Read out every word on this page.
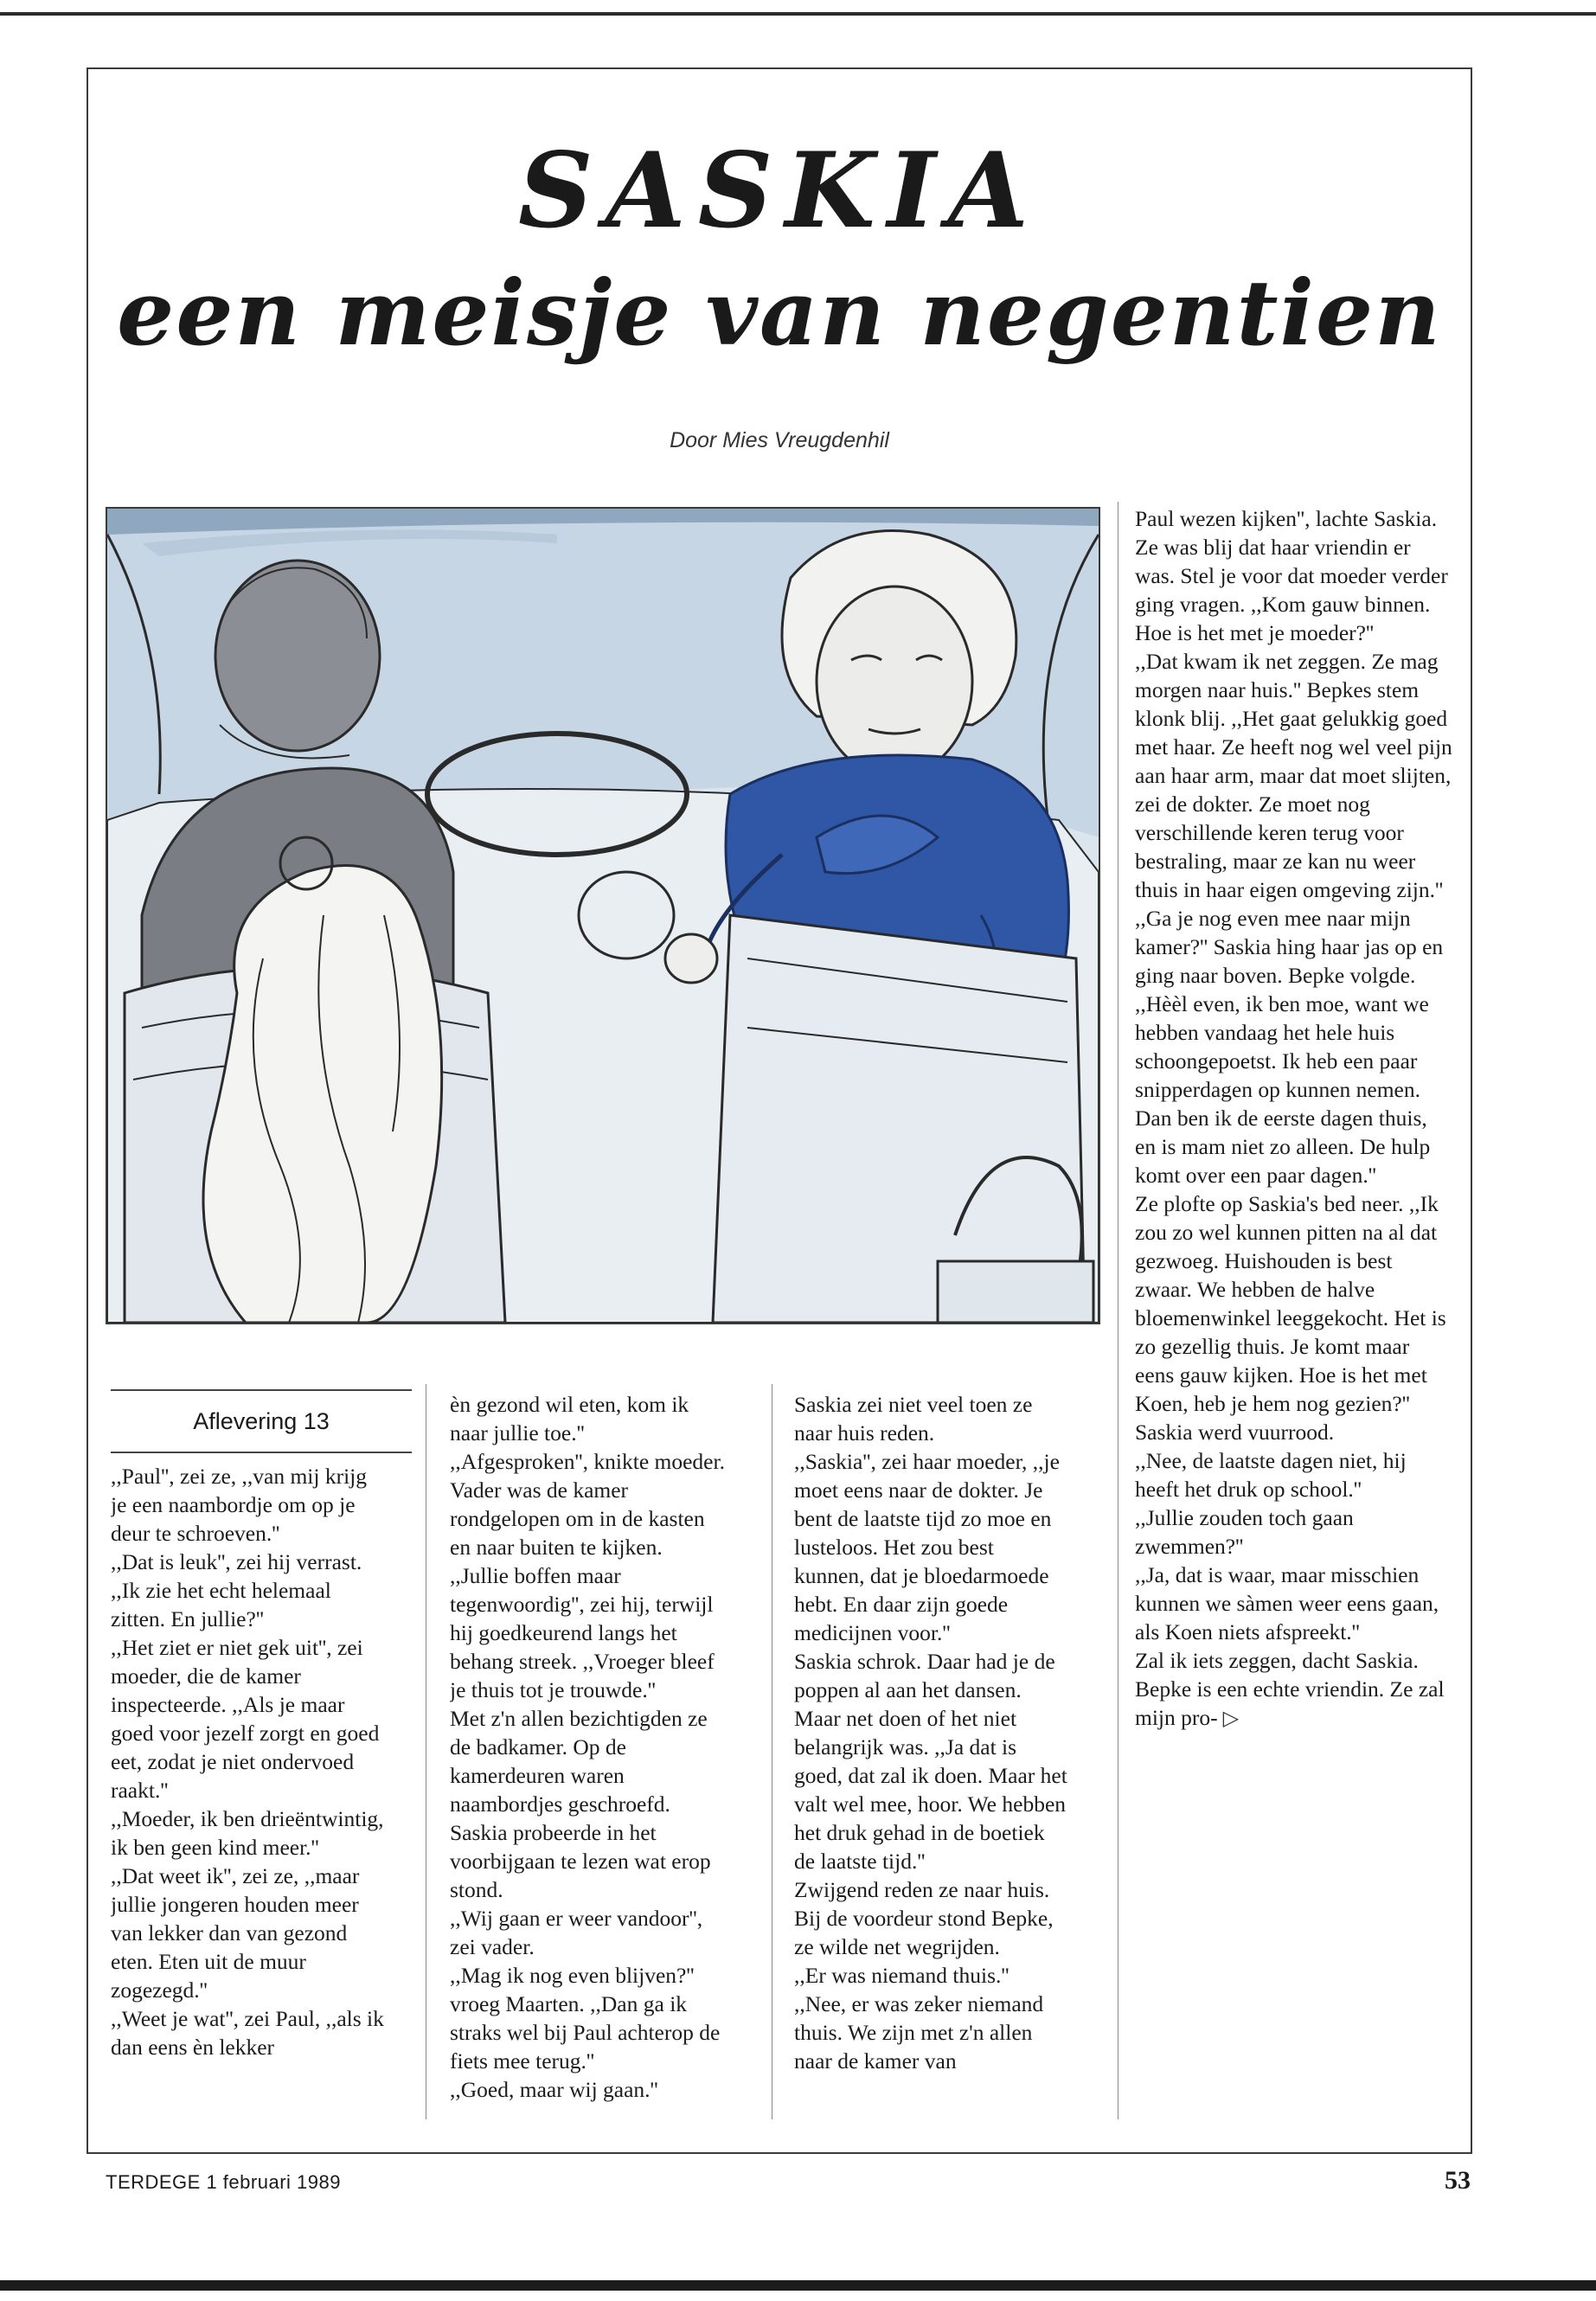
SASKIA
een meisje van negentien
Door Mies Vreugdenhil
Aflevering 13

,,Paul'', zei ze, ,,van mij krijg je een naambordje om op je deur te schroeven.''

,,Dat is leuk'', zei hij verrast. ,,Ik zie het echt helemaal zitten. En jullie?''

,,Het ziet er niet gek uit'', zei moeder, die de kamer inspecteerde. ,,Als je maar goed voor jezelf zorgt en goed eet, zodat je niet ondervoed raakt.''

,,Moeder, ik ben drieëntwintig, ik ben geen kind meer.''

,,Dat weet ik'', zei ze, ,,maar jullie jongeren houden meer van lekker dan van gezond eten. Eten uit de muur zogezegd.''

,,Weet je wat'', zei Paul, ,,als ik dan eens èn lekker

èn gezond wil eten, kom ik naar jullie toe.''

,,Afgesproken'', knikte moeder.

Vader was de kamer rondgelopen om in de kasten en naar buiten te kijken. ,,Jullie boffen maar tegenwoordig'', zei hij, terwijl hij goedkeurend langs het behang streek. ,,Vroeger bleef je thuis tot je trouwde.''

Met z'n allen bezichtigden ze de badkamer. Op de kamerdeuren waren naambordjes geschroefd. Saskia probeerde in het voorbijgaan te lezen wat erop stond.

,,Wij gaan er weer vandoor'', zei vader.

,,Mag ik nog even blijven?'' vroeg Maarten. ,,Dan ga ik straks wel bij Paul achterop de fiets mee terug.''

,,Goed, maar wij gaan.''

Saskia zei niet veel toen ze naar huis reden.

,,Saskia'', zei haar moeder, ,,je moet eens naar de dokter. Je bent de laatste tijd zo moe en lusteloos. Het zou best kunnen, dat je bloedarmoede hebt. En daar zijn goede medicijnen voor.''

Saskia schrok. Daar had je de poppen al aan het dansen. Maar net doen of het niet belangrijk was. ,,Ja dat is goed, dat zal ik doen. Maar het valt wel mee, hoor. We hebben het druk gehad in de boetiek de laatste tijd.''

Zwijgend reden ze naar huis. Bij de voordeur stond Bepke, ze wilde net wegrijden.

,,Er was niemand thuis.''

,,Nee, er was zeker niemand thuis. We zijn met z'n allen naar de kamer van

Paul wezen kijken'', lachte Saskia. Ze was blij dat haar vriendin er was. Stel je voor dat moeder verder ging vragen. ,,Kom gauw binnen. Hoe is het met je moeder?''

,,Dat kwam ik net zeggen. Ze mag morgen naar huis.'' Bepkes stem klonk blij. ,,Het gaat gelukkig goed met haar. Ze heeft nog wel veel pijn aan haar arm, maar dat moet slijten, zei de dokter. Ze moet nog verschillende keren terug voor bestraling, maar ze kan nu weer thuis in haar eigen omgeving zijn.''

,,Ga je nog even mee naar mijn kamer?'' Saskia hing haar jas op en ging naar boven. Bepke volgde.

,,Hèèl even, ik ben moe, want we hebben vandaag het hele huis schoongepoetst. Ik heb een paar snipperdagen op kunnen nemen. Dan ben ik de eerste dagen thuis, en is mam niet zo alleen. De hulp komt over een paar dagen.''

Ze plofte op Saskia's bed neer. ,,Ik zou zo wel kunnen pitten na al dat gezwoeg. Huishouden is best zwaar. We hebben de halve bloemenwinkel leeggekocht. Het is zo gezellig thuis. Je komt maar eens gauw kijken. Hoe is het met Koen, heb je hem nog gezien?''

Saskia werd vuurrood.

,,Nee, de laatste dagen niet, hij heeft het druk op school.''

,,Jullie zouden toch gaan zwemmen?''

,,Ja, dat is waar, maar misschien kunnen we sàmen weer eens gaan, als Koen niets afspreekt.''

Zal ik iets zeggen, dacht Saskia. Bepke is een echte vriendin. Ze zal mijn pro- ▷

TERDEGE 1 februari 1989	53
